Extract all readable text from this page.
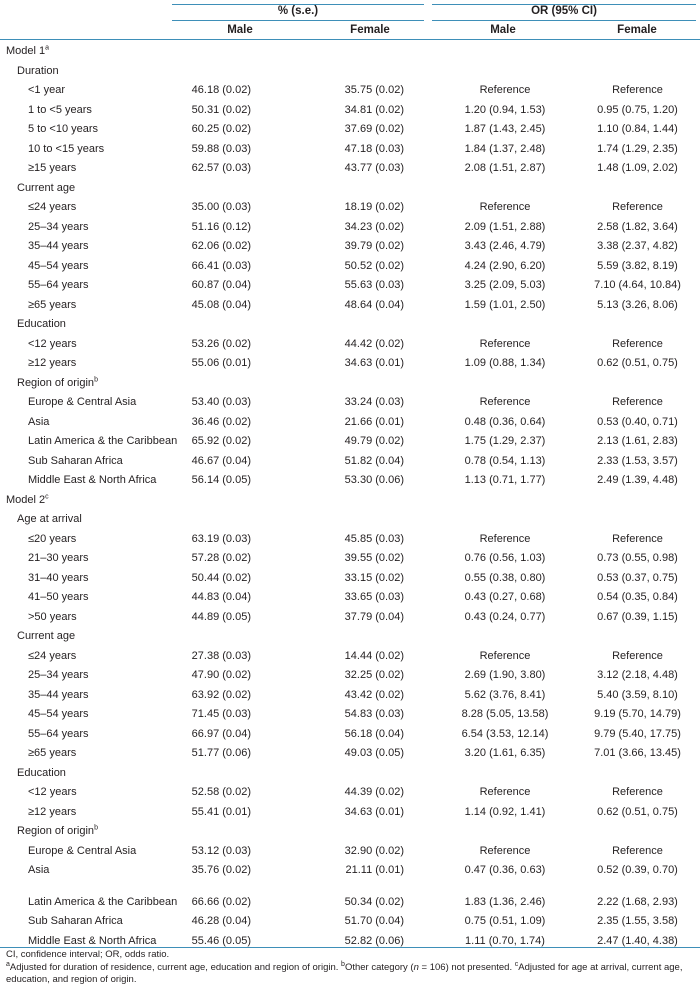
% (s.e.)	OR (95% CI)
Male	Female	Male	Female
Model 1$^a$
Duration
<1 year	46.18 (0.02)	35.75 (0.02)	Reference	Reference
1 to <5 years	50.31 (0.02)	34.81 (0.02)	1.20 (0.94, 1.53)	0.95 (0.75, 1.20)
5 to <10 years	60.25 (0.02)	37.69 (0.02)	1.87 (1.43, 2.45)	1.10 (0.84, 1.44)
10 to <15 years	59.88 (0.03)	47.18 (0.03)	1.84 (1.37, 2.48)	1.74 (1.29, 2.35)
≥15 years	62.57 (0.03)	43.77 (0.03)	2.08 (1.51, 2.87)	1.48 (1.09, 2.02)
Current age
≤24 years	35.00 (0.03)	18.19 (0.02)	Reference	Reference
25–34 years	51.16 (0.12)	34.23 (0.02)	2.09 (1.51, 2.88)	2.58 (1.82, 3.64)
35–44 years	62.06 (0.02)	39.79 (0.02)	3.43 (2.46, 4.79)	3.38 (2.37, 4.82)
45–54 years	66.41 (0.03)	50.52 (0.02)	4.24 (2.90, 6.20)	5.59 (3.82, 8.19)
55–64 years	60.87 (0.04)	55.63 (0.03)	3.25 (2.09, 5.03)	7.10 (4.64, 10.84)
≥65 years	45.08 (0.04)	48.64 (0.04)	1.59 (1.01, 2.50)	5.13 (3.26, 8.06)
Education
<12 years	53.26 (0.02)	44.42 (0.02)	Reference	Reference
≥12 years	55.06 (0.01)	34.63 (0.01)	1.09 (0.88, 1.34)	0.62 (0.51, 0.75)
Region of origin$^b$
Europe & Central Asia	53.40 (0.03)	33.24 (0.03)	Reference	Reference
Asia	36.46 (0.02)	21.66 (0.01)	0.48 (0.36, 0.64)	0.53 (0.40, 0.71)
Latin America & the Caribbean 65.92 (0.02)	49.79 (0.02)	1.75 (1.29, 2.37)	2.13 (1.61, 2.83)
Sub Saharan Africa	46.67 (0.04)	51.82 (0.04)	0.78 (0.54, 1.13)	2.33 (1.53, 3.57)
Middle East & North Africa	56.14 (0.05)	53.30 (0.06)	1.13 (0.71, 1.77)	2.49 (1.39, 4.48)
Model 2$^c$
Age at arrival
≤20 years	63.19 (0.03)	45.85 (0.03)	Reference	Reference
21–30 years	57.28 (0.02)	39.55 (0.02)	0.76 (0.56, 1.03)	0.73 (0.55, 0.98)
31–40 years	50.44 (0.02)	33.15 (0.02)	0.55 (0.38, 0.80)	0.53 (0.37, 0.75)
41–50 years	44.83 (0.04)	33.65 (0.03)	0.43 (0.27, 0.68)	0.54 (0.35, 0.84)
>50 years	44.89 (0.05)	37.79 (0.04)	0.43 (0.24, 0.77)	0.67 (0.39, 1.15)
Current age
≤24 years	27.38 (0.03)	14.44 (0.02)	Reference	Reference
25–34 years	47.90 (0.02)	32.25 (0.02)	2.69 (1.90, 3.80)	3.12 (2.18, 4.48)
35–44 years	63.92 (0.02)	43.42 (0.02)	5.62 (3.76, 8.41)	5.40 (3.59, 8.10)
45–54 years	71.45 (0.03)	54.83 (0.03)	8.28 (5.05, 13.58)	9.19 (5.70, 14.79)
55–64 years	66.97 (0.04)	56.18 (0.04)	6.54 (3.53, 12.14)	9.79 (5.40, 17.75)
≥65 years	51.77 (0.06)	49.03 (0.05)	3.20 (1.61, 6.35)	7.01 (3.66, 13.45)
Education
<12 years	52.58 (0.02)	44.39 (0.02)	Reference	Reference
≥12 years	55.41 (0.01)	34.63 (0.01)	1.14 (0.92, 1.41)	0.62 (0.51, 0.75)
Region of origin$^b$
Europe & Central Asia	53.12 (0.03)	32.90 (0.02)	Reference	Reference
Asia	35.76 (0.02)	21.11 (0.01)	0.47 (0.36, 0.63)	0.52 (0.39, 0.70)
Latin America & the Caribbean 66.66 (0.02)	50.34 (0.02)	1.83 (1.36, 2.46)	2.22 (1.68, 2.93)
Sub Saharan Africa	46.28 (0.04)	51.70 (0.04)	0.75 (0.51, 1.09)	2.35 (1.55, 3.58)
Middle East & North Africa	55.46 (0.05)	52.82 (0.06)	1.11 (0.70, 1.74)	2.47 (1.40, 4.38)
CI, confidence interval; OR, odds ratio.
$^a$Adjusted for duration of residence, current age, education and region of origin. $^b$Other category (n = 106) not presented. $^c$Adjusted for age at arrival, current age, education, and region of origin.
